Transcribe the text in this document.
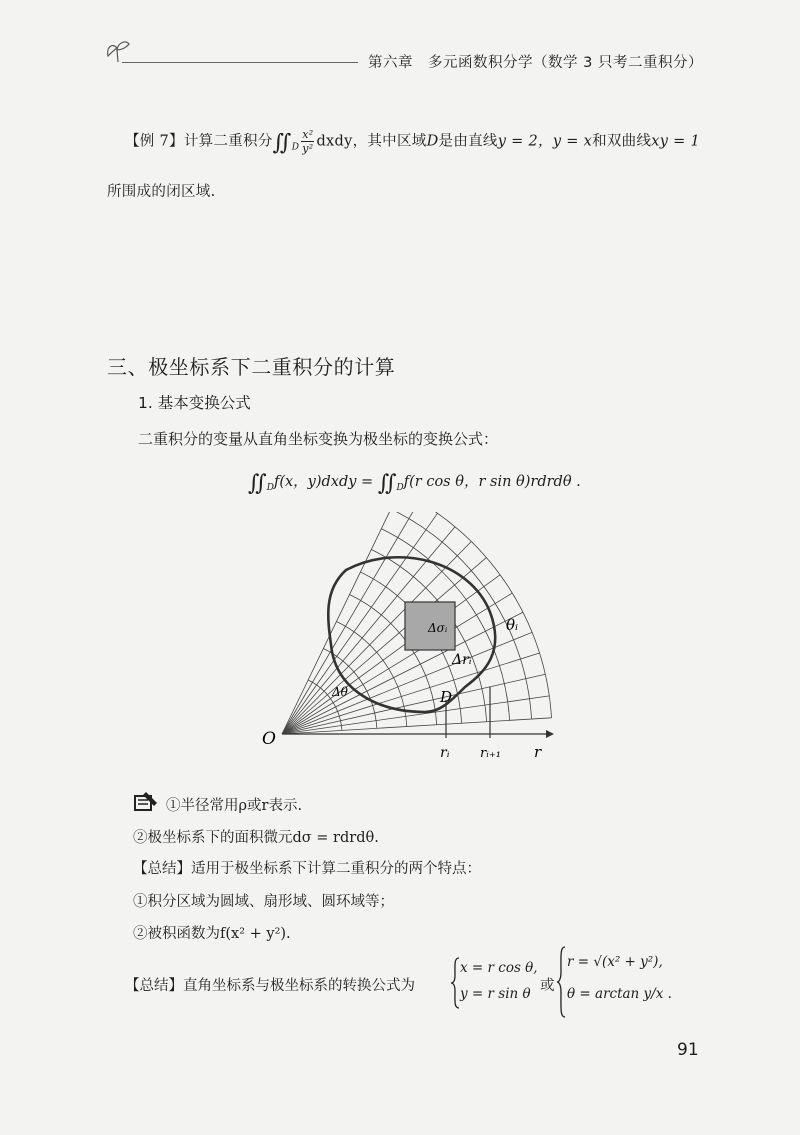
第六章　多元函数积分学（数学 3 只考二重积分）
【例 7】计算二重积分$∬_D \frac{\text{x²}}{\text{y²}}$ dxdy，其中区域D是由直线y = 2，y = x和双曲线xy = 1
所围成的闭区域.
三、极坐标系下二重积分的计算
1. 基本变换公式
二重积分的变量从直角坐标变换为极坐标的变换公式：
$∬_Df(x$，y)dxdy = $∬_Df(r$ cos θ，r sin θ)rdrdθ .
O
D
Δσᵢ
Δrᵢ
θᵢ
Δθ
rᵢ rᵢ₊₁ r
①半径常用ρ或r表示.
②极坐标系下的面积微元dσ = rdrdθ.
【总结】适用于极坐标系下计算二重积分的两个特点：
①积分区域为圆域、扇形域、圆环域等；
②被积函数为f(x² + y²).
【总结】直角坐标系与极坐标系的转换公式为
x = r cos θ,
y = r sin θ 或
r = √(x² + y²),
θ = arctan y/x .
91
